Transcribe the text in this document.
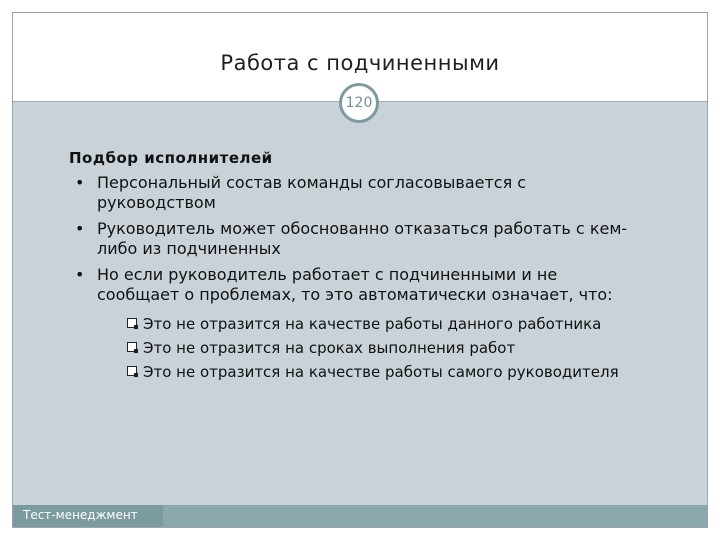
Работа с подчиненными
120
Подбор исполнителей
• Персональный состав команды согласовывается с руководством
• Руководитель может обоснованно отказаться работать с кем-либо из подчиненных
• Но если руководитель работает с подчиненными и не сообщает о проблемах, то это автоматически означает, что:
Это не отразится на качестве работы данного работника
Это не отразится на сроках выполнения работ
Это не отразится на качестве работы самого руководителя
Тест-менеджмент
